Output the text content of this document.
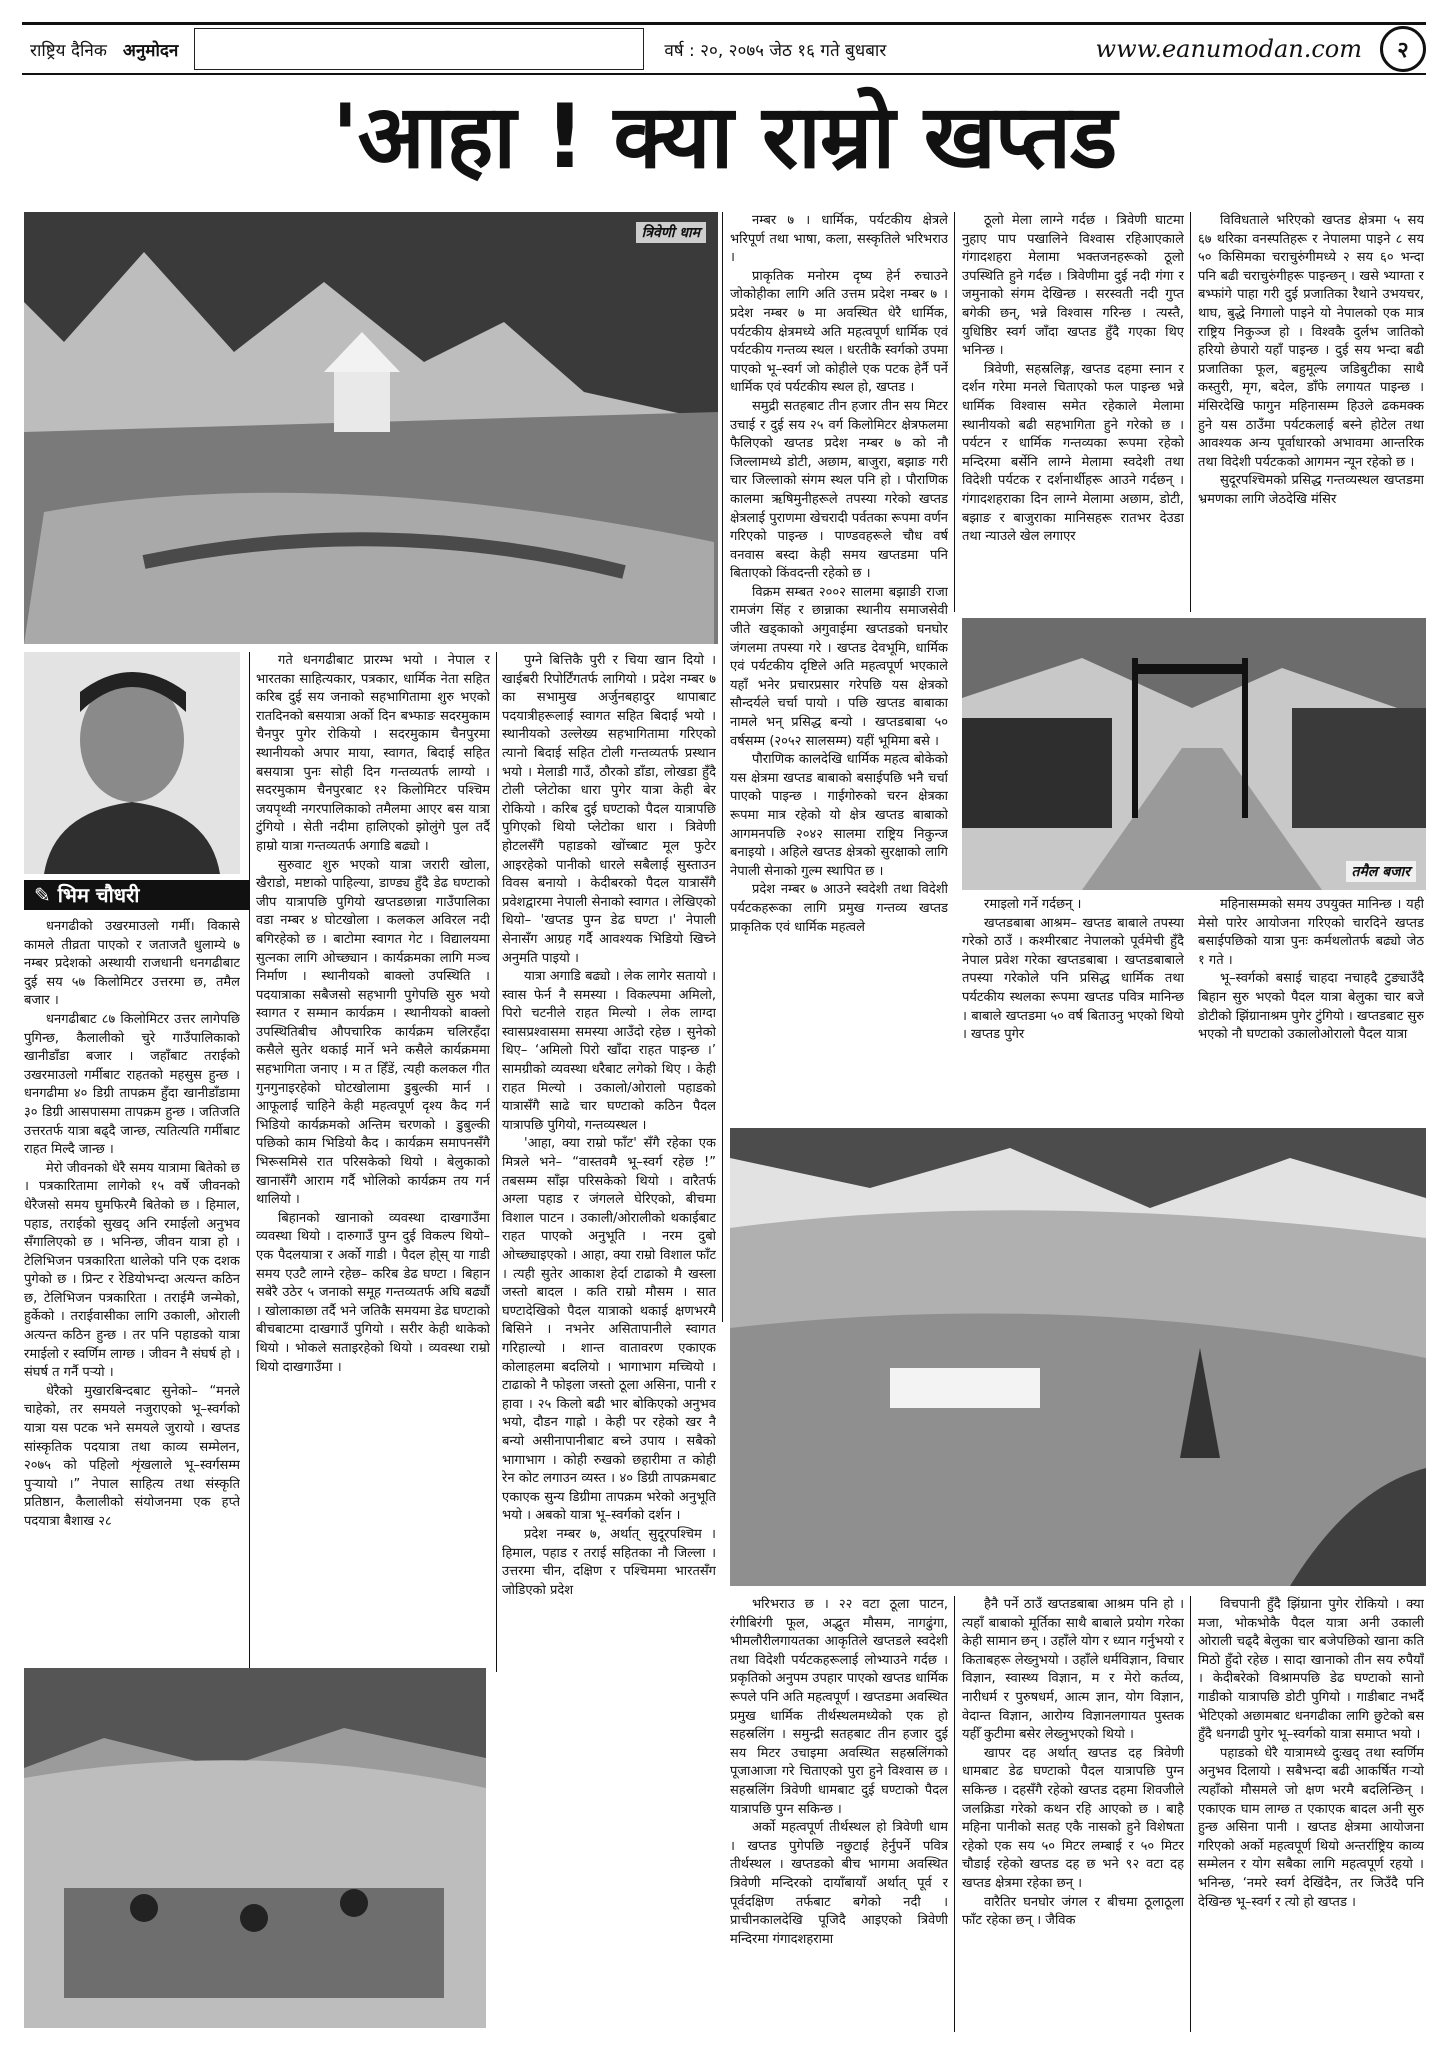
राष्ट्रिय दैनिक अनुमोदन	वर्ष : २०, २०७५ जेठ १६ गते बुधबार	www.eanumodan.com	२
'आहा ! क्या राम्रो खप्तड
त्रिवेणी धाम
✎ भिम चौधरी

धनगढीको उखरमाउलो गर्मी। विकासे कामले तीव्रता पाएको र जताजतै धुलाम्ये ७ नम्बर प्रदेशको अस्थायी राजधानी धनगढीबाट दुई सय ५७ किलोमिटर उत्तरमा छ, तमैल बजार ।

धनगढीबाट ८७ किलोमिटर उत्तर लागेपछि पुगिन्छ, कैलालीको चुरे गाउँपालिकाको खानीडाँडा बजार । जहाँबाट तराईको उखरमाउलो गर्मीबाट राहतको महसुस हुन्छ । धनगढीमा ४० डिग्री तापक्रम हुँदा खानीडाँडामा ३० डिग्री आसपासमा तापक्रम हुन्छ । जतिजति उत्तरतर्फ यात्रा बढ्दै जान्छ, त्यतित्यति गर्मीबाट राहत मिल्दै जान्छ ।

मेरो जीवनको धेरै समय यात्रामा बितेको छ । पत्रकारितामा लागेको १५ वर्षे जीवनको धेरैजसो समय घुमफिरमै बितेको छ । हिमाल, पहाड, तराईको सुखद् अनि रमाईलो अनुभव सँगालिएको छ । भनिन्छ, जीवन यात्रा हो । टेलिभिजन पत्रकारिता थालेको पनि एक दशक पुगेको छ । प्रिन्ट र रेडियोभन्दा अत्यन्त कठिन छ, टेलिभिजन पत्रकारिता । तराईमै जन्मेको, हुर्केको । तराईवासीका लागि उकाली, ओराली अत्यन्त कठिन हुन्छ । तर पनि पहाडको यात्रा रमाईलो र स्वर्णिम लाग्छ । जीवन नै संघर्ष हो । संघर्ष त गर्नै पर्‍यो ।

धेरैको मुखारबिन्दबाट सुनेको– “मनले चाहेको, तर समयले नजुराएको भू–स्वर्गको यात्रा यस पटक भने समयले जुरायो । खप्तड सांस्कृतिक पदयात्रा तथा काव्य सम्मेलन, २०७५ को पहिलो शृंखलाले भू–स्वर्गसम्म पुर्‍यायो ।” नेपाल साहित्य तथा संस्कृति प्रतिष्ठान, कैलालीको संयोजनमा एक हप्ते पदयात्रा बैशाख २८

गते धनगढीबाट प्रारम्भ भयो । नेपाल र भारतका साहित्यकार, पत्रकार, धार्मिक नेता सहित करिब दुई सय जनाको सहभागितामा शुरु भएको रातदिनको बसयात्रा अर्को दिन बभ्फाङ सदरमुकाम चैनपुर पुगेर रोकियो । सदरमुकाम चैनपुरमा स्थानीयको अपार माया, स्वागत, बिदाई सहित बसयात्रा पुनः सोही दिन गन्तव्यतर्फ लाग्यो । सदरमुकाम चैनपुरबाट १२ किलोमिटर पश्चिम जयपृथ्वी नगरपालिकाको तमैलमा आएर बस यात्रा टुंगियो । सेती नदीमा हालिएको झोलुंगे पुल तर्दै हाम्रो यात्रा गन्तव्यतर्फ अगाडि बढ्यो ।

सुरुवाट शुरु भएको यात्रा जरारी खोला, खैराडो, मष्टाको पाहिल्या, डाण्ड्य हुँदै डेढ घण्टाको जीप यात्रापछि पुगियो खप्तडछान्ना गाउँपालिका वडा नम्बर ४ घोटखोला । कलकल अविरल नदी बगिरहेको छ । बाटोमा स्वागत गेट । विद्यालयमा सुत्नका लागि ओच्छ्यान । कार्यक्रमका लागि मञ्च निर्माण । स्थानीयको बाक्लो उपस्थिति । पदयात्राका सबैजसो सहभागी पुगेपछि सुरु भयो स्वागत र सम्मान कार्यक्रम । स्थानीयको बाक्लो उपस्थितिबीच औपचारिक कार्यक्रम चलिरहँदा कसैले सुतेर थकाई मार्ने भने कसैले कार्यक्रममा सहभागिता जनाए । म त हिँडें, त्यही कलकल गीत गुनगुनाइरहेको घोटखोलामा डुबुल्की मार्न । आफूलाई चाहिने केही महत्वपूर्ण दृश्य कैद गर्न भिडियो कार्यक्रमको अन्तिम चरणको । डुबुल्की पछिको काम भिडियो कैद । कार्यक्रम समापनसँगै भिरूसमिसे रात परिसकेको थियो । बेलुकाको खानासँगै आराम गर्दै भोलिको कार्यक्रम तय गर्न थालियो ।

बिहानको खानाको व्यवस्था दाखगाउँमा व्यवस्था थियो । दारुगाउँ पुग्न दुई विकल्प थियो– एक पैदलयात्रा र अर्को गाडी । पैदल हो्‍स् या गाडी समय एउटै लाग्ने रहेछ– करिब डेढ घण्टा । बिहान सबेरै उठेर ५ जनाको समूह गन्तव्यतर्फ अघि बढ्यौं । खोलाकाछा तर्दै भने जतिकै समयमा डेढ घण्टाको बीचबाटमा दाखगाउँ पुगियो । सरीर केही थाकेको थियो । भोकले सताइरहेको थियो । व्यवस्था राम्रो थियो दाखगाउँमा ।

पुग्ने बित्तिकै पुरी र चिया खान दियो । खाईबरी रिपोर्टिंगतर्फ लागियो । प्रदेश नम्बर ७ का सभामुख अर्जुनबहादुर थापाबाट पदयात्रीहरूलाई स्वागत सहित बिदाई भयो । स्थानीयको उल्लेख्य सहभागितामा गरिएको त्यानो बिदाई सहित टोली गन्तव्यतर्फ प्रस्थान भयो । मेलाडी गाउँ, ठौरको डाँडा, लोखडा हुँदै टोली प्लेटोका धारा पुगेर यात्रा केही बेर रोकियो । करिब दुई घण्टाको पैदल यात्रापछि पुगिएको थियो प्लेटोका धारा । त्रिवेणी होटलसँगै पहाडको खोंच्बाट मूल फुटेर आइरहेको पानीको धारले सबैलाई सुस्ताउन विवस बनायो । केदीबरको पैदल यात्रासँगै प्रवेशद्वारमा नेपाली सेनाको स्वागत । लेखिएको थियो– 'खप्तड पुग्न डेढ घण्टा ।' नेपाली सेनासँग आग्रह गर्दै आवश्यक भिडियो खिच्ने अनुमति पाइयो ।

यात्रा अगाडि बढ्यो । लेक लागेर सतायो । स्वास फेर्न नै समस्या । विकल्पमा अमिलो, पिरो चटनीले राहत मिल्यो । लेक लाग्दा स्वासप्रश्वासमा समस्या आउँदो रहेछ । सुनेको थिए– ‘अमिलो पिरो खाँदा राहत पाइन्छ ।’ सामग्रीको व्यवस्था धरैबाट लगेको थिए । केही राहत मिल्यो । उकालो/ओरालो पहाडको यात्रासँगै साढे चार घण्टाको कठिन पैदल यात्रापछि पुगियो, गन्तव्यस्थल ।

'आहा, क्या राम्रो फाँट' सँगै रहेका एक मित्रले भने– “वास्तवमै भू–स्वर्ग रहेछ !” तबसम्म साँझ परिसकेको थियो । वारैतर्फ अग्ला पहाड र जंगलले घेरिएको, बीचमा विशाल पाटन । उकाली/ओरालीको थकाईबाट राहत पाएको अनुभूति । नरम दुबो ओच्छ्याइएको । आहा, क्या राम्रो विशाल फाँट । त्यही सुतेर आकाश हेर्दा टाढाको मै खस्ला जस्तो बादल । कति राम्रो मौसम । सात घण्टादेखिको पैदल यात्राको थकाई क्षणभरमै बिसिने । नभनेर असितापानीले स्वागत गरिहाल्यो । शान्त वातावरण एकाएक कोलाहलमा बदलियो । भागाभाग मच्चियो । टाढाको नै फोइला जस्तो ठूला असिना, पानी र हावा । २५ किलो बढी भार बोकिएको अनुभव भयो, दौडन गाह्रो । केही पर रहेको खर नै बन्यो असीनापानीबाट बच्ने उपाय । सबैको भागाभाग । कोही रुखको छहारीमा त कोही रेन कोट लगाउन व्यस्त । ४० डिग्री तापक्रमबाट एकाएक सुन्य डिग्रीमा तापक्रम भरेको अनुभूति भयो । अबको यात्रा भू–स्वर्गको दर्शन ।

प्रदेश नम्बर ७, अर्थात् सुदूरपश्चिम । हिमाल, पहाड र तराई सहितका नौ जिल्ला । उत्तरमा चीन, दक्षिण र पश्चिममा भारतसँग जोडिएको प्रदेश

नम्बर ७ । धार्मिक, पर्यटकीय क्षेत्रले भरिपूर्ण तथा भाषा, कला, सस्कृतिले भरिभराउ ।

प्राकृतिक मनोरम दृष्य हेर्न रुचाउने जोकोहीका लागि अति उत्तम प्रदेश नम्बर ७ । प्रदेश नम्बर ७ मा अवस्थित धेरै धार्मिक, पर्यटकीय क्षेत्रमध्ये अति महत्वपूर्ण धार्मिक एवं पर्यटकीय गन्तव्य स्थल । धरतीकै स्वर्गको उपमा पाएको भू–स्वर्ग जो कोहीले एक पटक हेर्नै पर्ने धार्मिक एवं पर्यटकीय स्थल हो, खप्तड ।

समुद्री सतहबाट तीन हजार तीन सय मिटर उचाई र दुई सय २५ वर्ग किलोमिटर क्षेत्रफलमा फैलिएको खप्तड प्रदेश नम्बर ७ को नौ जिल्लामध्ये डोटी, अछाम, बाजुरा, बझाङ गरी चार जिल्लाको संगम स्थल पनि हो । पौराणिक कालमा ऋषिमुनीहरूले तपस्या गरेको खप्तड क्षेत्रलाई पुराणमा खेचरादी पर्वतका रूपमा वर्णन गरिएको पाइन्छ । पाण्डवहरूले चौध वर्ष वनवास बस्दा केही समय खप्तडमा पनि बिताएको किंवदन्ती रहेको छ ।

विक्रम सम्बत २००२ सालमा बझाङी राजा रामजंग सिंह र छान्नाका स्थानीय समाजसेवी जीते खड्काको अगुवाईमा खप्तडको घनघोर जंगलमा तपस्या गरे । खप्तड देवभूमि, धार्मिक एवं पर्यटकीय दृष्टिले अति महत्वपूर्ण भएकाले यहाँ भनेर प्रचारप्रसार गरेपछि यस क्षेत्रको सौन्दर्यले चर्चा पायो । पछि खप्तड बाबाका नामले भन् प्रसिद्ध बन्यो । खप्तडबाबा ५० वर्षसम्म (२०५२ सालसम्म) यहीं भूमिमा बसे ।

पौराणिक कालदेखि धार्मिक महत्व बोकेको यस क्षेत्रमा खप्तड बाबाको बसाईपछि भनै चर्चा पाएको पाइन्छ । गाईगोरुको चरन क्षेत्रका रूपमा मात्र रहेको यो क्षेत्र खप्तड बाबाको आगमनपछि २०४२ सालमा राष्ट्रिय निकुन्ज बनाइयो । अहिले खप्तड क्षेत्रको सुरक्षाको लागि नेपाली सेनाको गुल्म स्थापित छ ।

प्रदेश नम्बर ७ आउने स्वदेशी तथा विदेशी पर्यटकहरूका लागि प्रमुख गन्तव्य खप्तड प्राकृतिक एवं धार्मिक महत्वले

ठूलो मेला लाग्ने गर्दछ । त्रिवेणी घाटमा नुहाए पाप पखालिने विश्वास रहिआएकाले गंगादशहरा मेलामा भक्तजनहरूको ठूलो उपस्थिति हुने गर्दछ । त्रिवेणीमा दुई नदी गंगा र जमुनाको संगम देखिन्छ । सरस्वती नदी गुप्त बगेकी छन्, भन्ने विश्वास गरिन्छ । त्यस्तै, युधिष्ठिर स्वर्ग जाँदा खप्तड हुँदै गएका थिए भनिन्छ ।

त्रिवेणी, सहस्रलिङ्ग, खप्तड दहमा स्नान र दर्शन गरेमा मनले चिताएको फल पाइन्छ भन्ने धार्मिक विश्वास समेत रहेकाले मेलामा स्थानीयको बढी सहभागिता हुने गरेको छ । पर्यटन र धार्मिक गन्तव्यका रूपमा रहेको मन्दिरमा बर्सेनि लाग्ने मेलामा स्वदेशी तथा विदेशी पर्यटक र दर्शनार्थीहरू आउने गर्दछन् । गंगादशहराका दिन लाग्ने मेलामा अछाम, डोटी, बझाङ र बाजुराका मानिसहरू रातभर देउडा तथा न्याउले खेल लगाएर

विविधताले भरिएको खप्तड क्षेत्रमा ५ सय ६७ थरिका वनस्पतिहरू र नेपालमा पाइने ८ सय ५० किसिमका चराचुरुंगीमध्ये २ सय ६० भन्दा पनि बढी चराचुरुंगीहरू पाइन्छन् । खसे भ्याग्ता र बभ्फांगे पाहा गरी दुई प्रजातिका रैथाने उभयचर, थाघ, बुद्धे निगालो पाइने यो नेपालको एक मात्र राष्ट्रिय निकुञ्ज हो । विश्वकै दुर्लभ जातिको हरियो छेपारो यहाँ पाइन्छ । दुई सय भन्दा बढी प्रजातिका फूल, बहुमूल्य जडिबुटीका साथै कस्तुरी, मृग, बदेल, डाँफे लगायत पाइन्छ । मंसिरदेखि फागुन महिनासम्म हिउले ढकमक्क हुने यस ठाउँमा पर्यटकलाई बस्ने होटेल तथा आवश्यक अन्य पूर्वाधारको अभावमा आन्तरिक तथा विदेशी पर्यटकको आगमन न्यून रहेको छ ।

सुदूरपश्चिमको प्रसिद्ध गन्तव्यस्थल खप्तडमा भ्रमणका लागि जेठदेखि मंसिर

तमैल बजार

रमाइलो गर्ने गर्दछन् ।

खप्तडबाबा आश्रम– खप्तड बाबाले तपस्या गरेको ठाउँ । कश्मीरबाट नेपालको पूर्वमेची हुँदै नेपाल प्रवेश गरेका खप्तडबाबा । खप्तडबाबाले तपस्या गरेकोले पनि प्रसिद्ध धार्मिक तथा पर्यटकीय स्थलका रूपमा खप्तड पवित्र मानिन्छ । बाबाले खप्तडमा ५० वर्ष बिताउनु भएको थियो । खप्तड पुगेर

महिनासम्मको समय उपयुक्त मानिन्छ । यही मेसो पारेर आयोजना गरिएको चारदिने खप्तड बसाईपछिको यात्रा पुनः कर्मथलोतर्फ बढ्यो जेठ १ गते ।

भू–स्वर्गको बसाई चाहदा नचाहदै टुङ्याउँदै बिहान सुरु भएको पैदल यात्रा बेलुका चार बजे डोटीको झिंग्रानाश्रम पुगेर टुंगियो । खप्तडबाट सुरु भएको नौ घण्टाको उकालोओरालो पैदल यात्रा

भरिभराउ छ । २२ वटा ठूला पाटन, रंगीबिरंगी फूल, अद्भुत मौसम, नागढुंगा, भीमलौरीलगायतका आकृतिले खप्तडले स्वदेशी तथा विदेशी पर्यटकहरूलाई लोभ्याउने गर्दछ । प्रकृतिको अनुपम उपहार पाएको खप्तड धार्मिक रूपले पनि अति महत्वपूर्ण । खप्तडमा अवस्थित प्रमुख धार्मिक तीर्थस्थलमध्येको एक हो सहस्रलिंग । समुन्द्री सतहबाट तीन हजार दुई सय मिटर उचाइमा अवस्थित सहस्रलिंगको पूजाआजा गरे चिताएको पुरा हुने विश्वास छ । सहस्रलिंग त्रिवेणी धामबाट दुई घण्टाको पैदल यात्रापछि पुग्न सकिन्छ ।

अर्को महत्वपूर्ण तीर्थस्थल हो त्रिवेणी धाम । खप्तड पुगेपछि नछुटाई हेर्नुपर्ने पवित्र तीर्थस्थल । खप्तडको बीच भागमा अवस्थित त्रिवेणी मन्दिरको दायाँबायाँ अर्थात् पूर्व र पूर्वदक्षिण तर्फबाट बगेको नदी । प्राचीनकालदेखि पूजिदै आइएको त्रिवेणी मन्दिरमा गंगादशहरामा

हैनै पर्ने ठाउँ खप्तडबाबा आश्रम पनि हो । त्यहाँ बाबाको मूर्तिका साथै बाबाले प्रयोग गरेका केही सामान छन् । उहाँले योग र ध्यान गर्नुभयो र किताबहरू लेख्नुभयो । उहाँले धर्मविज्ञान, विचार विज्ञान, स्वास्थ्य विज्ञान, म र मेरो कर्तव्य, नारीधर्म र पुरुषधर्म, आत्म ज्ञान, योग विज्ञान, वेदान्त विज्ञान, आरोग्य विज्ञानलगायत पुस्तक यहीँ कुटीमा बसेर लेख्नुभएको थियो ।

खापर दह अर्थात् खप्तड दह त्रिवेणी धामबाट डेढ घण्टाको पैदल यात्रापछि पुग्न सकिन्छ । दहसँगै रहेको खप्तड दहमा शिवजीले जलक्रिडा गरेको कथन रहि आएको छ । बाहै महिना पानीको सतह एकै नासको हुने विशेषता रहेको एक सय ५० मिटर लम्बाई र ५० मिटर चौडाई रहेको खप्तड दह छ भने ९२ वटा दह खप्तड क्षेत्रमा रहेका छन् ।

वारैतिर घनघोर जंगल र बीचमा ठूलाठूला फाँट रहेका छन् । जैविक

विचपानी हुँदै झिंग्राना पुगेर रोकियो । क्या मजा, भोकभोकै पैदल यात्रा अनी उकाली ओराली चढ्दै बेलुका चार बजेपछिको खाना कति मिठो हुँदो रहेछ । सादा खानाको तीन सय रुपैयाँ । केदीबरेको विश्रामपछि डेढ घण्टाको सानो गाडीको यात्रापछि डोटी पुगियो । गाडीबाट नभर्दै भेटिएको अछामबाट धनगढीका लागि छुटेको बस हुँदै धनगढी पुगेर भू–स्वर्गको यात्रा समाप्त भयो ।

पहाडको धेरै यात्रामध्ये दुःखद् तथा स्वर्णिम अनुभव दिलायो । सबैभन्दा बढी आकर्षित गर्‍यो त्यहाँको मौसमले जो क्षण भरमै बदलिन्छिन् । एकाएक घाम लाग्छ त एकाएक बादल अनी सुरु हुन्छ असिना पानी । खप्तड क्षेत्रमा आयोजना गरिएको अर्को महत्वपूर्ण थियो अन्तर्राष्ट्रिय काव्य सम्मेलन र योग सबैका लागि महत्वपूर्ण रहयो । भनिन्छ, ‘नमरे स्वर्ग देखिंदैन, तर जिउँदै पनि देखिन्छ भू–स्वर्ग र त्यो हो खप्तड ।
